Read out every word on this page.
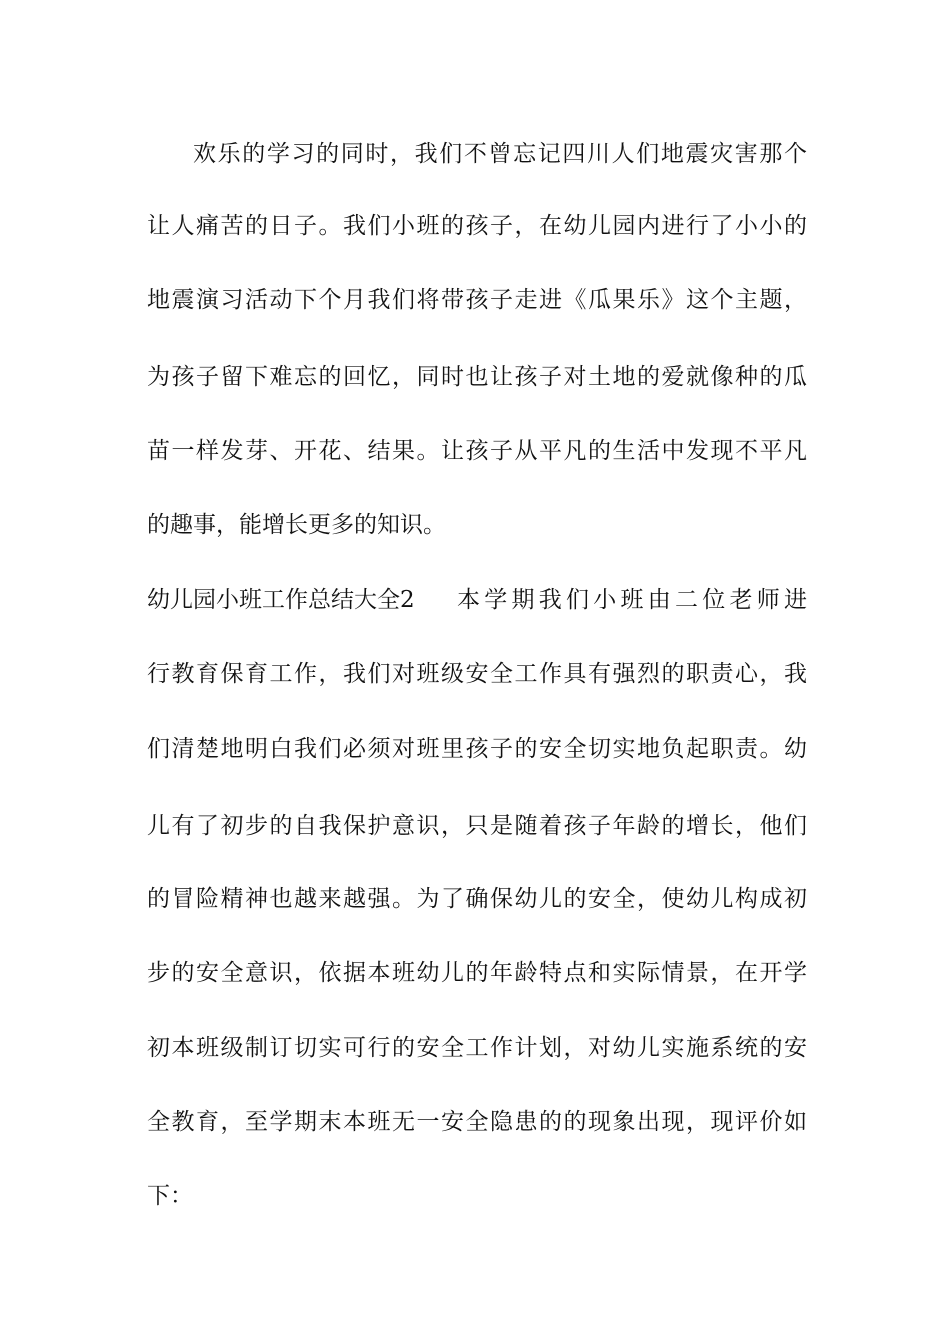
欢乐的学习的同时，我们不曾忘记四川人们地震灾害那个
让人痛苦的日子。我们小班的孩子，在幼儿园内进行了小小的
地震演习活动下个月我们将带孩子走进《瓜果乐》这个主题，
为孩子留下难忘的回忆，同时也让孩子对土地的爱就像种的瓜
苗一样发芽、开花、结果。让孩子从平凡的生活中发现不平凡
的趣事，能增长更多的知识。
幼儿园小班工作总结大全2 本学期我们小班由二位老师进
行教育保育工作，我们对班级安全工作具有强烈的职责心，我
们清楚地明白我们必须对班里孩子的安全切实地负起职责。幼
儿有了初步的自我保护意识，只是随着孩子年龄的增长，他们
的冒险精神也越来越强。为了确保幼儿的安全，使幼儿构成初
步的安全意识，依据本班幼儿的年龄特点和实际情景，在开学
初本班级制订切实可行的安全工作计划，对幼儿实施系统的安
全教育，至学期末本班无一安全隐患的的现象出现，现评价如
下：
